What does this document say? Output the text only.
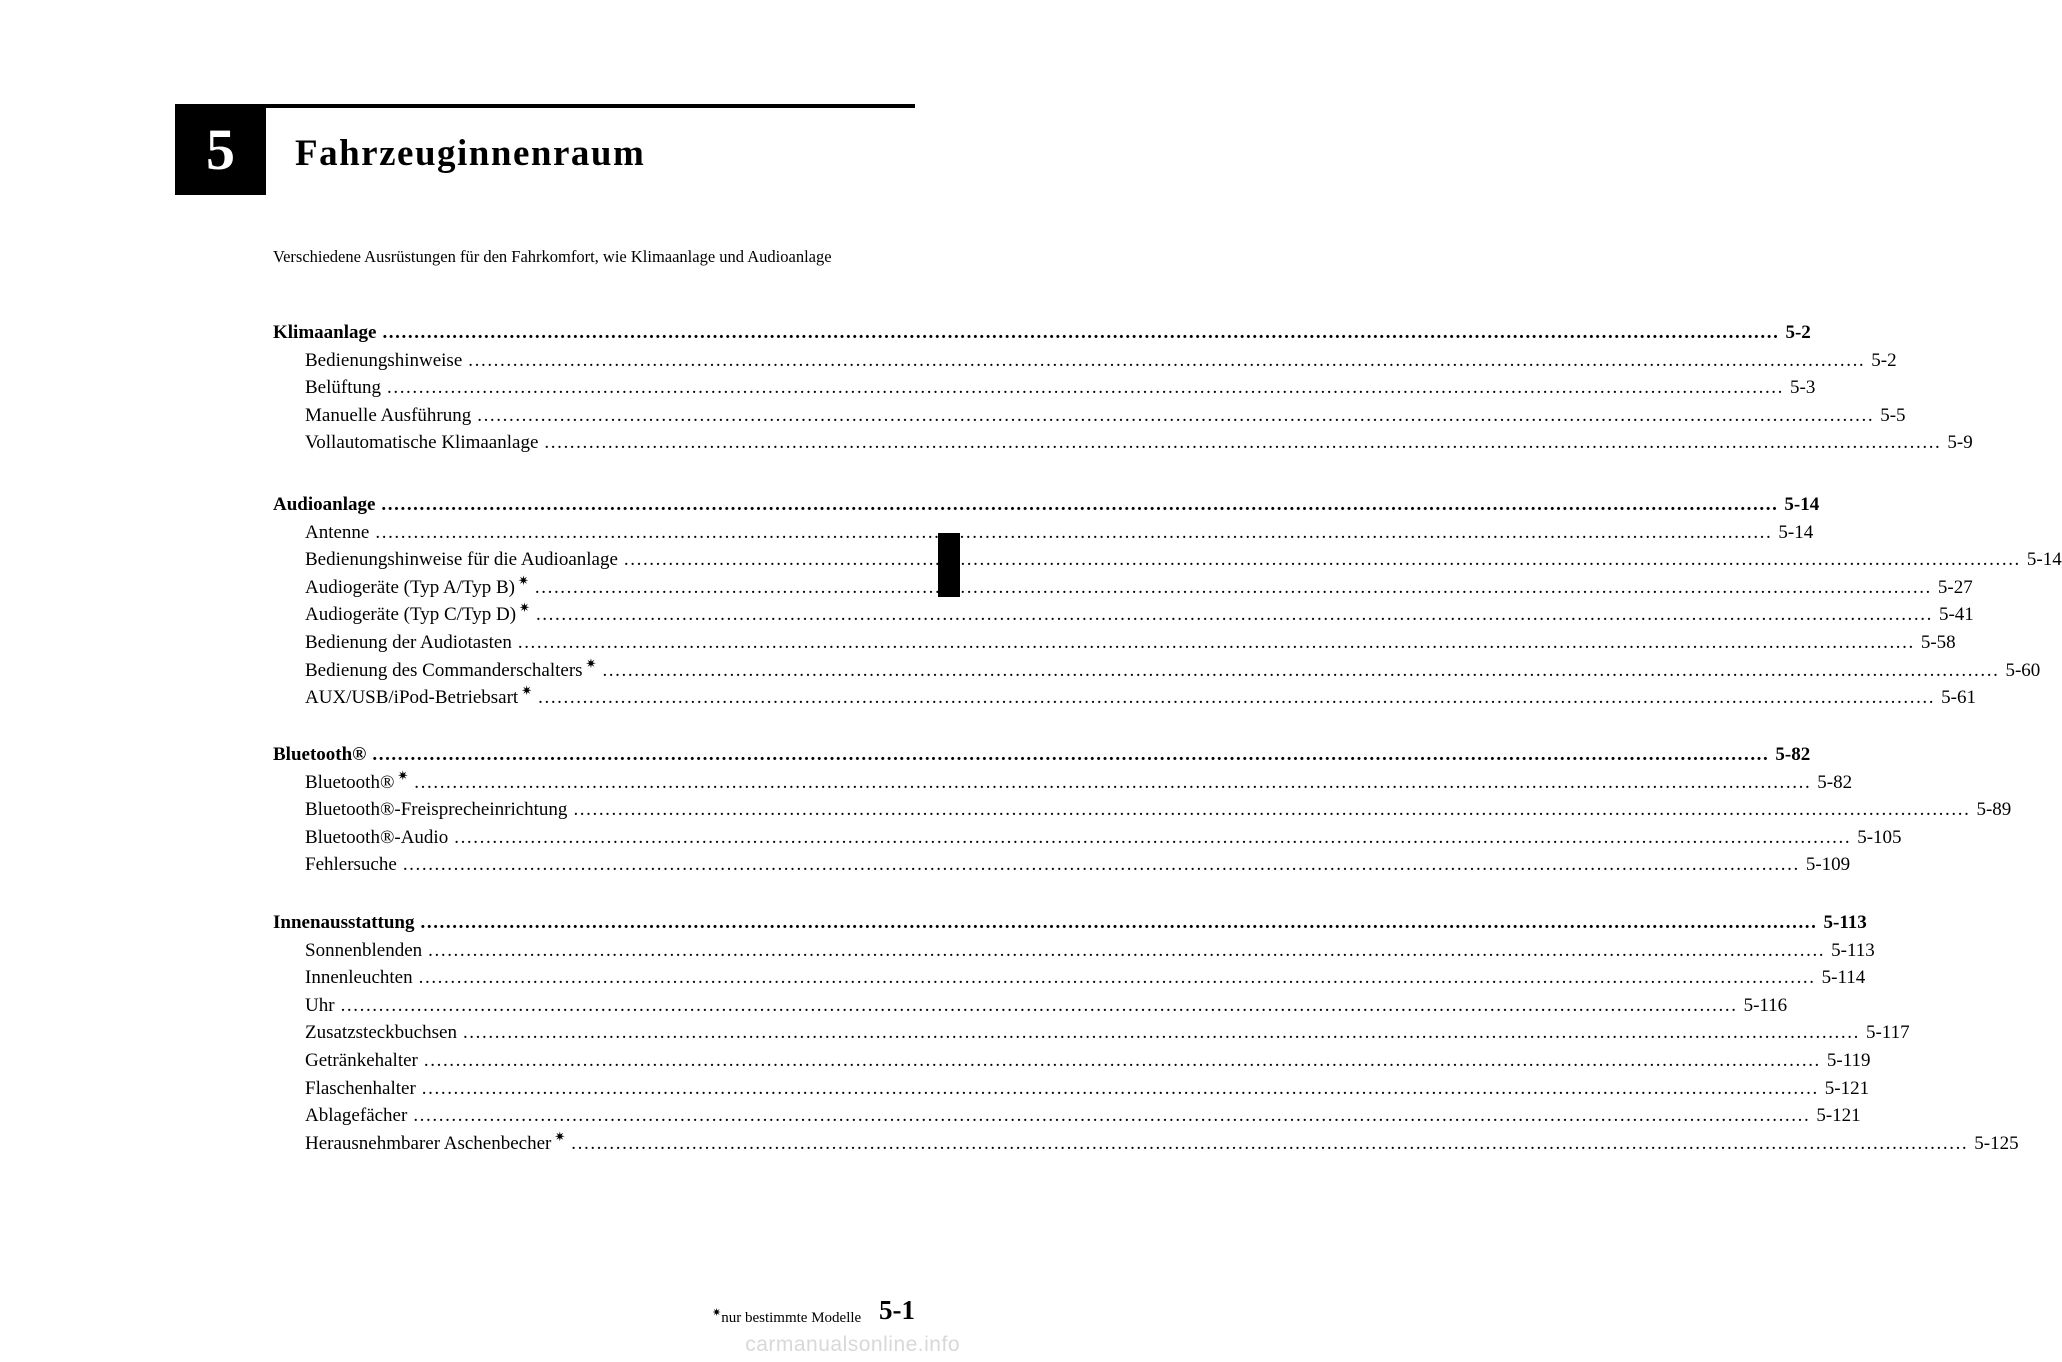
5 Fahrzeuginnenraum
Verschiedene Ausrüstungen für den Fahrkomfort, wie Klimaanlage und Audioanlage
✷nur bestimmte Modelle 5-1
carmanualsonline.info
Klimaanlage ............................................................................................................................................................................................................................ 5-2
Bedienungshinweise ............................................................................................................................................................................................................................ 5-2
Belüftung ............................................................................................................................................................................................................................ 5-3
Manuelle Ausführung ............................................................................................................................................................................................................................ 5-5
Vollautomatische Klimaanlage ............................................................................................................................................................................................................................ 5-9
Audioanlage ............................................................................................................................................................................................................................ 5-14
Antenne ............................................................................................................................................................................................................................ 5-14
Bedienungshinweise für die Audioanlage ............................................................................................................................................................................................................................ 5-14
Audiogeräte (Typ A/Typ B) ✷ ............................................................................................................................................................................................................................ 5-27
Audiogeräte (Typ C/Typ D) ✷ ............................................................................................................................................................................................................................ 5-41
Bedienung der Audiotasten ............................................................................................................................................................................................................................ 5-58
Bedienung des Commanderschalters ✷ ............................................................................................................................................................................................................................ 5-60
AUX/USB/iPod-Betriebsart ✷ ............................................................................................................................................................................................................................ 5-61
Bluetooth® ............................................................................................................................................................................................................................ 5-82
Bluetooth® ✷ ............................................................................................................................................................................................................................ 5-82
Bluetooth®-Freisprecheinrichtung ............................................................................................................................................................................................................................ 5-89
Bluetooth®-Audio ............................................................................................................................................................................................................................ 5-105
Fehlersuche ............................................................................................................................................................................................................................ 5-109
Innenausstattung ............................................................................................................................................................................................................................ 5-113
Sonnenblenden ............................................................................................................................................................................................................................ 5-113
Innenleuchten ............................................................................................................................................................................................................................ 5-114
Uhr ............................................................................................................................................................................................................................ 5-116
Zusatzsteckbuchsen ............................................................................................................................................................................................................................ 5-117
Getränkehalter ............................................................................................................................................................................................................................ 5-119
Flaschenhalter ............................................................................................................................................................................................................................ 5-121
Ablagefächer ............................................................................................................................................................................................................................ 5-121
Herausnehmbarer Aschenbecher ✷ ............................................................................................................................................................................................................................ 5-125
